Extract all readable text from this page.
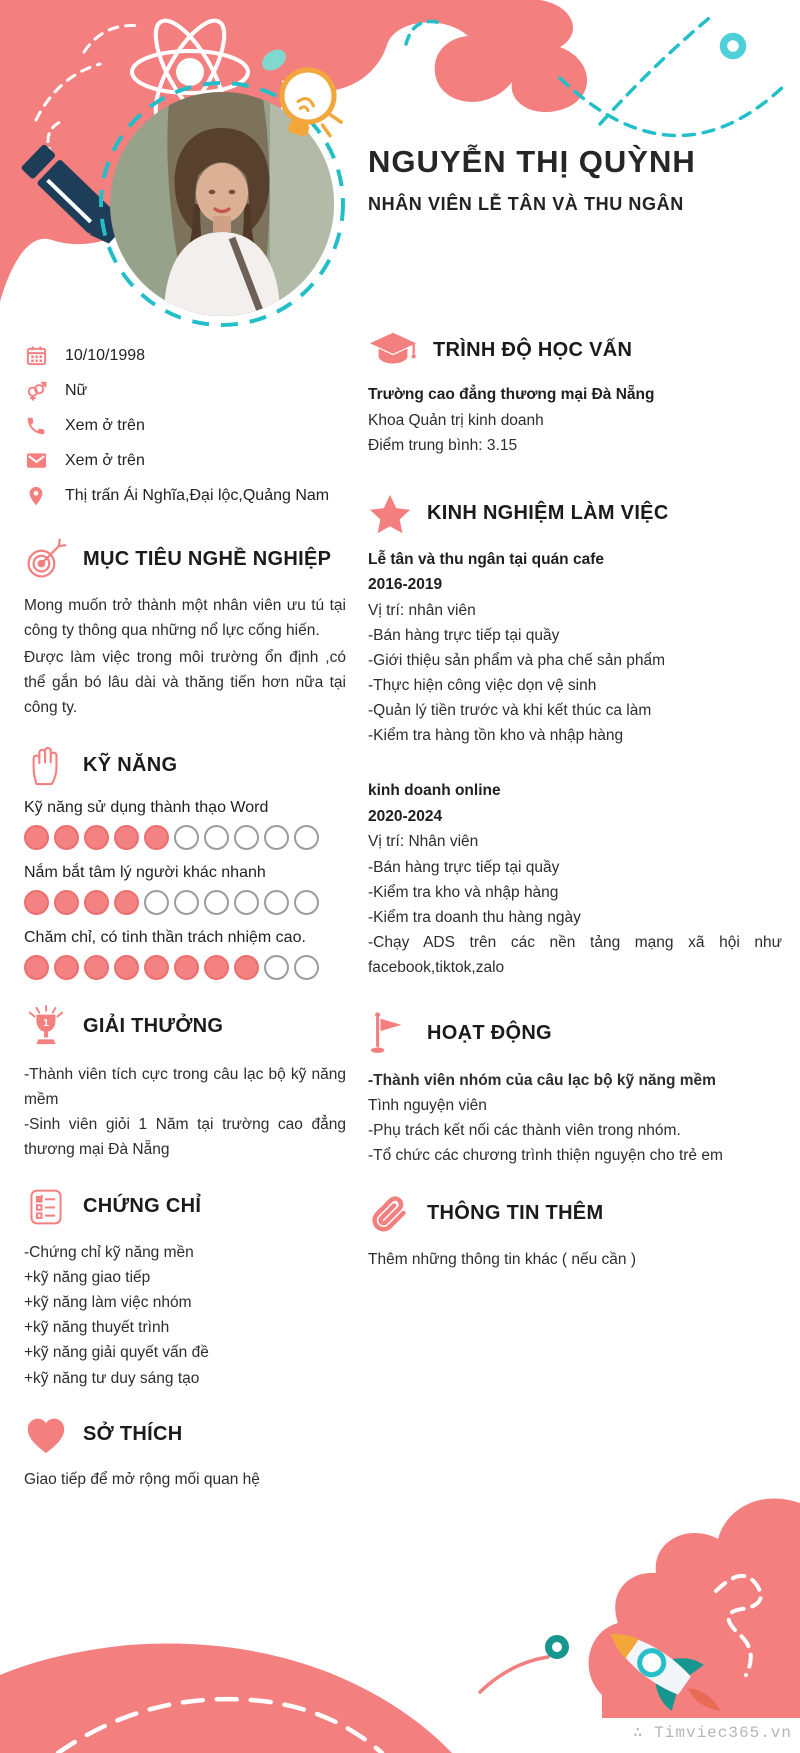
NGUYỄN THỊ QUỲNH
NHÂN VIÊN LỄ TÂN VÀ THU NGÂN
10/10/1998
Nữ
Xem ở trên
Xem ở trên
Thị trấn Ái Nghĩa,Đại lộc,Quảng Nam
MỤC TIÊU NGHỀ NGHIỆP

Mong muốn trở thành một nhân viên ưu tú tại công ty thông qua những nổ lực cống hiến.

Được làm việc trong môi trường ổn định ,có thể gắn bó lâu dài và thăng tiến hơn nữa tại công ty.

KỸ NĂNG
Kỹ năng sử dụng thành thạo Word
Nắm bắt tâm lý người khác nhanh
Chăm chỉ, có tinh thần trách nhiệm cao.
1 GIẢI THƯỞNG
-Thành viên tích cực trong câu lạc bộ kỹ năng mềm
-Sinh viên giỏi 1 Năm tại trường cao đẳng thương mại Đà Nẵng
CHỨNG CHỈ
-Chứng chỉ kỹ năng mền
+kỹ năng giao tiếp
+kỹ năng làm việc nhóm
+kỹ năng thuyết trình
+kỹ năng giải quyết vấn đề
+kỹ năng tư duy sáng tạo
SỞ THÍCH

Giao tiếp để mở rộng mối quan hệ

TRÌNH ĐỘ HỌC VẤN
Trường cao đẳng thương mại Đà Nẵng
Khoa Quản trị kinh doanh
Điểm trung bình: 3.15
KINH NGHIỆM LÀM VIỆC
Lễ tân và thu ngân tại quán cafe
2016-2019
Vị trí: nhân viên
-Bán hàng trực tiếp tại quầy
-Giới thiệu sản phẩm và pha chế sản phẩm
-Thực hiện công việc dọn vệ sinh
-Quản lý tiền trước và khi kết thúc ca làm
-Kiểm tra hàng tồn kho và nhập hàng
kinh doanh online
2020-2024
Vị trí: Nhân viên
-Bán hàng trực tiếp tại quầy
-Kiểm tra kho và nhập hàng
-Kiểm tra doanh thu hàng ngày
-Chạy ADS trên các nền tảng mạng xã hội như facebook,tiktok,zalo
HOẠT ĐỘNG
-Thành viên nhóm của câu lạc bộ kỹ năng mềm
Tình nguyện viên
-Phụ trách kết nối các thành viên trong nhóm.
-Tổ chức các chương trình thiện nguyện cho trẻ em
THÔNG TIN THÊM

Thêm những thông tin khác ( nếu cần )

∴ Timviec365.vn
